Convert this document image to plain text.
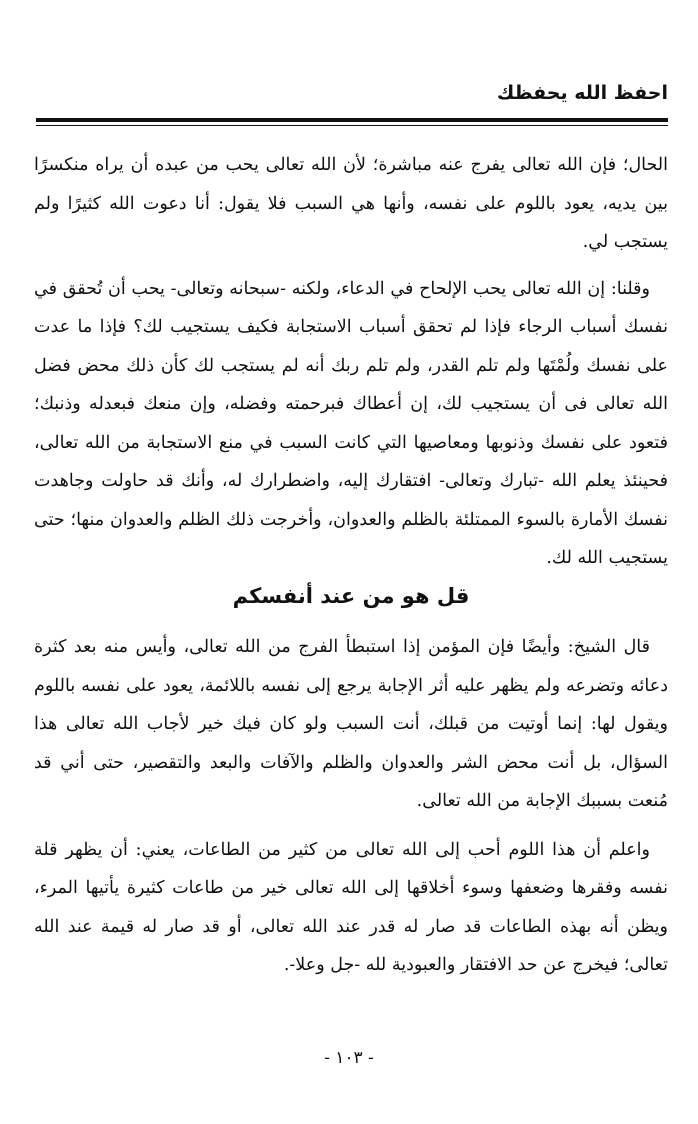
احفظ الله يحفظك

الحال؛ فإن الله تعالى يفرج عنه مباشرة؛ لأن الله تعالى يحب من عبده أن يراه منكسرًا بين يديه، يعود باللوم على نفسه، وأنها هي السبب فلا يقول: أنا دعوت الله كثيرًا ولم يستجب لي.

وقلنا: إن الله تعالى يحب الإلحاح في الدعاء، ولكنه -سبحانه وتعالى- يحب أن تُحقق في نفسك أسباب الرجاء فإذا لم تحقق أسباب الاستجابة فكيف يستجيب لك؟ فإذا ما عدت على نفسك ولُمْتَها ولم تلم القدر، ولم تلم ربك أنه لم يستجب لك كأن ذلك محض فضل الله تعالى فى أن يستجيب لك، إن أعطاك فبرحمته وفضله، وإن منعك فبعدله وذنبك؛ فتعود على نفسك وذنوبها ومعاصيها التي كانت السبب في منع الاستجابة من الله تعالى، فحينئذ يعلم الله -تبارك وتعالى- افتقارك إليه، واضطرارك له، وأنك قد حاولت وجاهدت نفسك الأمارة بالسوء الممتلئة بالظلم والعدوان، وأخرجت ذلك الظلم والعدوان منها؛ حتى يستجيب الله لك.

قل هو من عند أنفسكم

قال الشيخ: وأيضًا فإن المؤمن إذا استبطأ الفرج من الله تعالى، وأيس منه بعد كثرة دعائه وتضرعه ولم يظهر عليه أثر الإجابة يرجع إلى نفسه باللائمة، يعود على نفسه باللوم ويقول لها: إنما أوتيت من قبلك، أنت السبب ولو كان فيك خير لأجاب الله تعالى هذا السؤال، بل أنت محض الشر والعدوان والظلم والآفات والبعد والتقصير، حتى أني قد مُنعت بسببك الإجابة من الله تعالى.

واعلم أن هذا اللوم أحب إلى الله تعالى من كثير من الطاعات، يعني: أن يظهر قلة نفسه وفقرها وضعفها وسوء أخلاقها إلى الله تعالى خير من طاعات كثيرة يأتيها المرء، ويظن أنه بهذه الطاعات قد صار له قدر عند الله تعالى، أو قد صار له قيمة عند الله تعالى؛ فيخرج عن حد الافتقار والعبودية لله -جل وعلا-.

- ١٠٣ -
